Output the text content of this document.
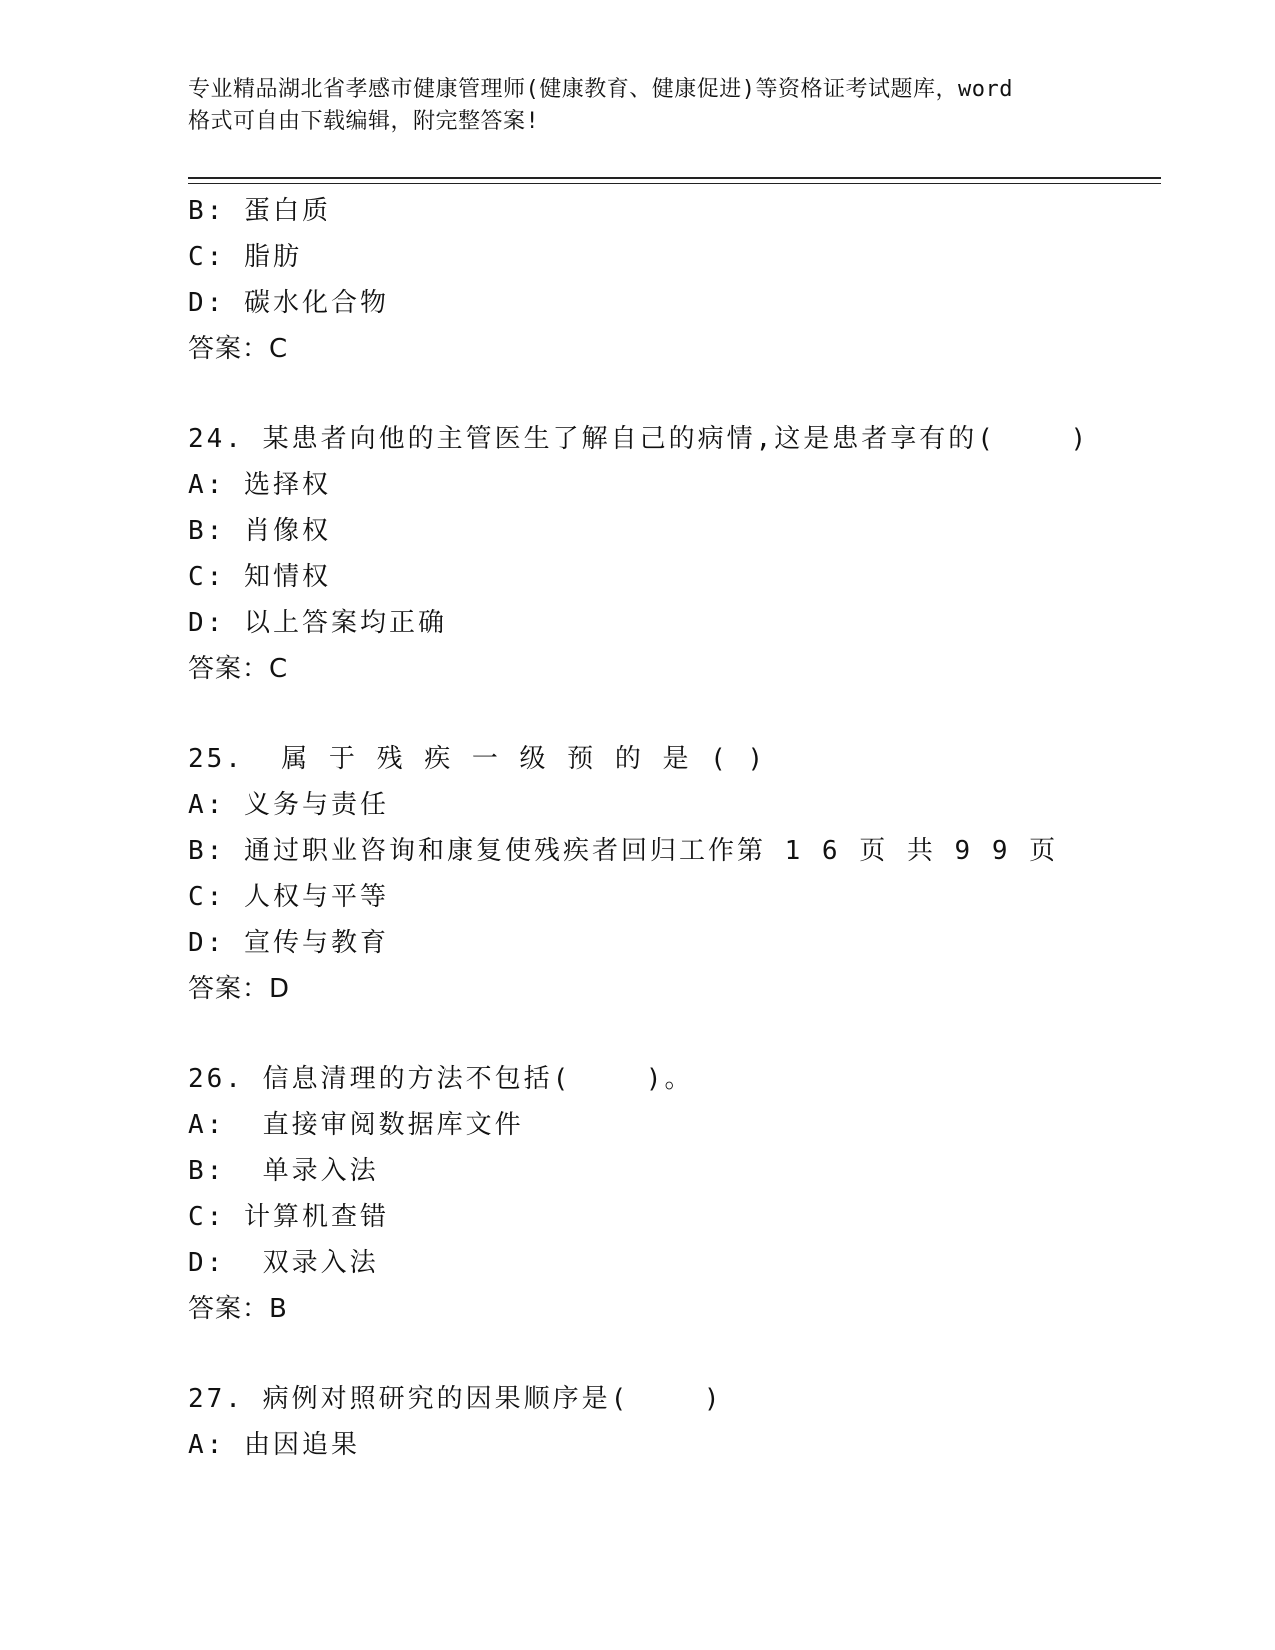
专业精品湖北省孝感市健康管理师(健康教育、健康促进)等资格证考试题库，word
格式可自由下载编辑，附完整答案!
B: 蛋白质
C: 脂肪
D: 碳水化合物
答案：C
24. 某患者向他的主管医生了解自己的病情,这是患者享有的(    )
A: 选择权
B: 肖像权
C: 知情权
D: 以上答案均正确
答案：C
25.  属 于 残 疾 一 级 预 的 是 ( )
A: 义务与责任
B: 通过职业咨询和康复使残疾者回归工作第 1 6 页 共 9 9 页
C: 人权与平等
D: 宣传与教育
答案：D
26. 信息清理的方法不包括(    )。
A:  直接审阅数据库文件
B:  单录入法
C: 计算机查错
D:  双录入法
答案：B
27. 病例对照研究的因果顺序是(    )
A: 由因追果
